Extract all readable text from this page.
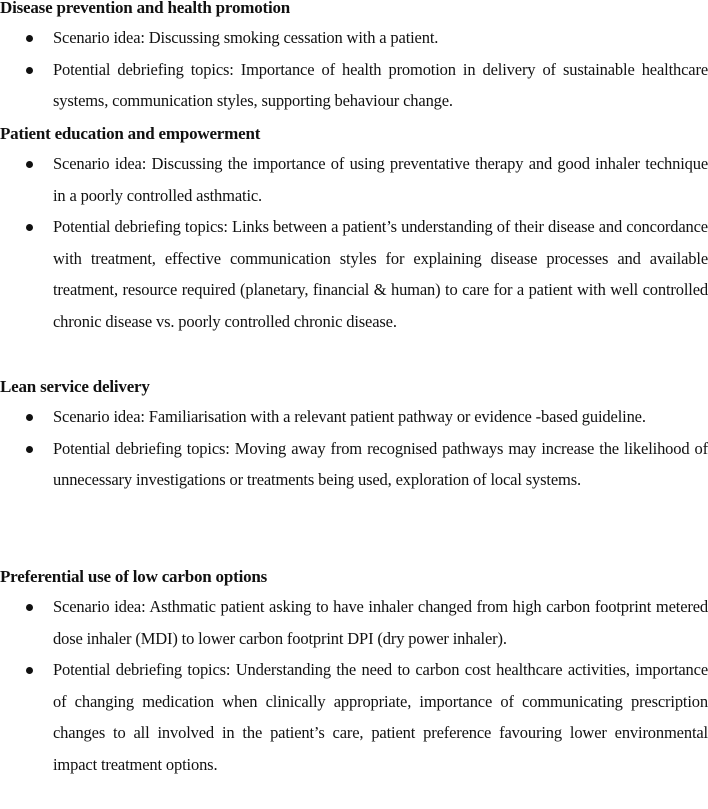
Disease prevention and health promotion
Scenario idea: Discussing smoking cessation with a patient.
Potential debriefing topics: Importance of health promotion in delivery of sustainable healthcare systems, communication styles, supporting behaviour change.
Patient education and empowerment
Scenario idea: Discussing the importance of using preventative therapy and good inhaler technique in a poorly controlled asthmatic.
Potential debriefing topics: Links between a patient’s understanding of their disease and concordance with treatment, effective communication styles for explaining disease processes and available treatment, resource required (planetary, financial & human) to care for a patient with well controlled chronic disease vs. poorly controlled chronic disease.
Lean service delivery
Scenario idea: Familiarisation with a relevant patient pathway or evidence -based guideline.
Potential debriefing topics: Moving away from recognised pathways may increase the likelihood of unnecessary investigations or treatments being used, exploration of local systems.
Preferential use of low carbon options
Scenario idea: Asthmatic patient asking to have inhaler changed from high carbon footprint metered dose inhaler (MDI) to lower carbon footprint DPI (dry power inhaler).
Potential debriefing topics: Understanding the need to carbon cost healthcare activities, importance of changing medication when clinically appropriate, importance of communicating prescription changes to all involved in the patient’s care, patient preference favouring lower environmental impact treatment options.
